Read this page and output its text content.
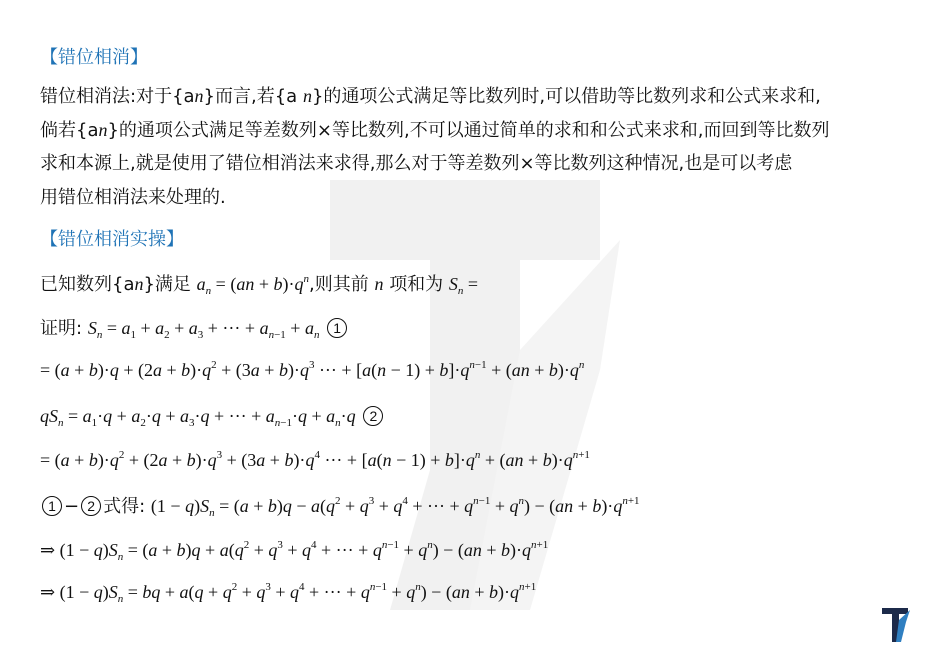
【错位相消】
错位相消法:对于{an}而言,若{a n}的通项公式满足等比数列时,可以借助等比数列求和公式来求和,
倘若{an}的通项公式满足等差数列×等比数列,不可以通过简单的求和和公式来求和,而回到等比数列
求和本源上,就是使用了错位相消法来求得,那么对于等差数列×等比数列这种情况,也是可以考虑
用错位相消法来处理的.
【错位相消实操】
已知数列{an}满足 $a_n = (an + b)\cdot q^n$,则其前 n 项和为 $S_n$ =
证明: $S_n = a_1 + a_2 + a_3$ + ··· + $a_{n-1} + a_n$ 1
= $(a + b)\cdot q + (2a + b)\cdot q^2 + (3a + b)\cdot q^3$ ··· + $[a(n - 1) + b]\cdot q^{n-1} + (an + b)\cdot q^n$
$qS_n = a_1\cdot q + a_2\cdot q + a_3\cdot q$ + ··· + $a_{n-1}\cdot q + a_n\cdot q$ 2
= $(a + b)\cdot q^2 + (2a + b)\cdot q^3 + (3a + b)\cdot q^4$ ··· + $[a(n - 1) + b]\cdot q^n + (an + b)\cdot q^{n+1}$
1 − 2 式得: $(1 - q)S_n = (a + b)q - a(q^2 + q^3 + q^4$ + ··· + $q^{n-1} + q^n) - (an + b)\cdot q^{n+1}$
⇒ $(1 - q)S_n = (a + b)q + a(q^2 + q^3 + q^4$ + ··· + $q^{n-1} + q^n) - (an + b)\cdot q^{n+1}$
⇒ $(1 - q)S_n$ = bq + $a(q + q^2 + q^3 + q^4$ + ··· + $q^{n-1} + q^n) - (an + b)\cdot q^{n+1}$
